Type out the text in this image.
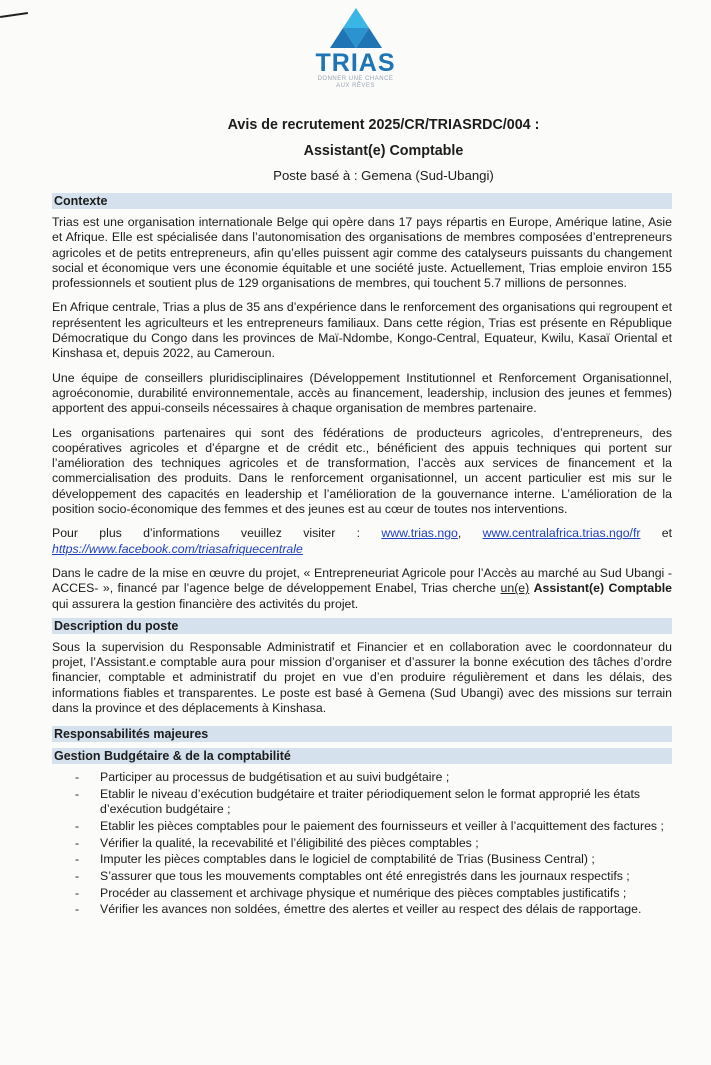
TRIAS
DONNER UNE CHANCE
AUX RÊVES
Avis de recrutement 2025/CR/TRIASRDC/004 :
Assistant(e) Comptable
Poste basé à : Gemena (Sud-Ubangi)
Contexte

Trias est une organisation internationale Belge qui opère dans 17 pays répartis en Europe, Amérique latine, Asie et Afrique. Elle est spécialisée dans l’autonomisation des organisations de membres composées d’entrepreneurs agricoles et de petits entrepreneurs, afin qu’elles puissent agir comme des catalyseurs puissants du changement social et économique vers une économie équitable et une société juste. Actuellement, Trias emploie environ 155 professionnels et soutient plus de 129 organisations de membres, qui touchent 5.7 millions de personnes.

En Afrique centrale, Trias a plus de 35 ans d’expérience dans le renforcement des organisations qui regroupent et représentent les agriculteurs et les entrepreneurs familiaux. Dans cette région, Trias est présente en République Démocratique du Congo dans les provinces de Maï-Ndombe, Kongo-Central, Equateur, Kwilu, Kasaï Oriental et Kinshasa et, depuis 2022, au Cameroun.

Une équipe de conseillers pluridisciplinaires (Développement Institutionnel et Renforcement Organisationnel, agroéconomie, durabilité environnementale, accès au financement, leadership, inclusion des jeunes et femmes) apportent des appui-conseils nécessaires à chaque organisation de membres partenaire.

Les organisations partenaires qui sont des fédérations de producteurs agricoles, d’entrepreneurs, des coopératives agricoles et d’épargne et de crédit etc., bénéficient des appuis techniques qui portent sur l’amélioration des techniques agricoles et de transformation, l’accès aux services de financement et la commercialisation des produits. Dans le renforcement organisationnel, un accent particulier est mis sur le développement des capacités en leadership et l’amélioration de la gouvernance interne. L’amélioration de la position socio-économique des femmes et des jeunes est au cœur de toutes nos interventions.

Pour plus d’informations veuillez visiter : www.trias.ngo, www.centralafrica.trias.ngo/fr et https://www.facebook.com/triasafriquecentrale

Dans le cadre de la mise en œuvre du projet, « Entrepreneuriat Agricole pour l’Accès au marché au Sud Ubangi -ACCES- », financé par l’agence belge de développement Enabel, Trias cherche un(e) Assistant(e) Comptable qui assurera la gestion financière des activités du projet.

Description du poste

Sous la supervision du Responsable Administratif et Financier et en collaboration avec le coordonnateur du projet, l’Assistant.e comptable aura pour mission d’organiser et d’assurer la bonne exécution des tâches d’ordre financier, comptable et administratif du projet en vue d’en produire régulièrement et dans les délais, des informations fiables et transparentes. Le poste est basé à Gemena (Sud Ubangi) avec des missions sur terrain dans la province et des déplacements à Kinshasa.

Responsabilités majeures
Gestion Budgétaire & de la comptabilité
- Participer au processus de budgétisation et au suivi budgétaire ;
- Etablir le niveau d’exécution budgétaire et traiter périodiquement selon le format approprié les états d’exécution budgétaire ;
- Etablir les pièces comptables pour le paiement des fournisseurs et veiller à l’acquittement des factures ;
- Vérifier la qualité, la recevabilité et l’éligibilité des pièces comptables ;
- Imputer les pièces comptables dans le logiciel de comptabilité de Trias (Business Central) ;
- S’assurer que tous les mouvements comptables ont été enregistrés dans les journaux respectifs ;
- Procéder au classement et archivage physique et numérique des pièces comptables justificatifs ;
- Vérifier les avances non soldées, émettre des alertes et veiller au respect des délais de rapportage.
